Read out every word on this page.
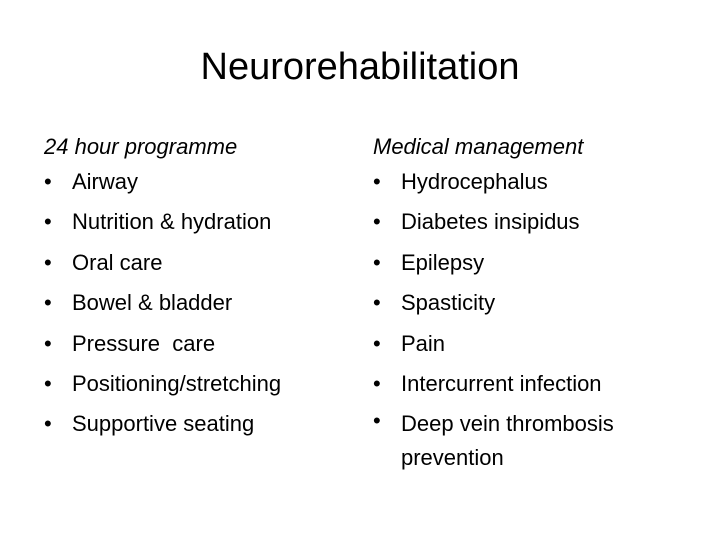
Neurorehabilitation
24 hour programme
• Airway
• Nutrition & hydration
• Oral care
• Bowel & bladder
• Pressure  care
• Positioning/stretching
• Supportive seating
Medical management
• Hydrocephalus
• Diabetes insipidus
• Epilepsy
• Spasticity
• Pain
• Intercurrent infection
• Deep vein thrombosis prevention
